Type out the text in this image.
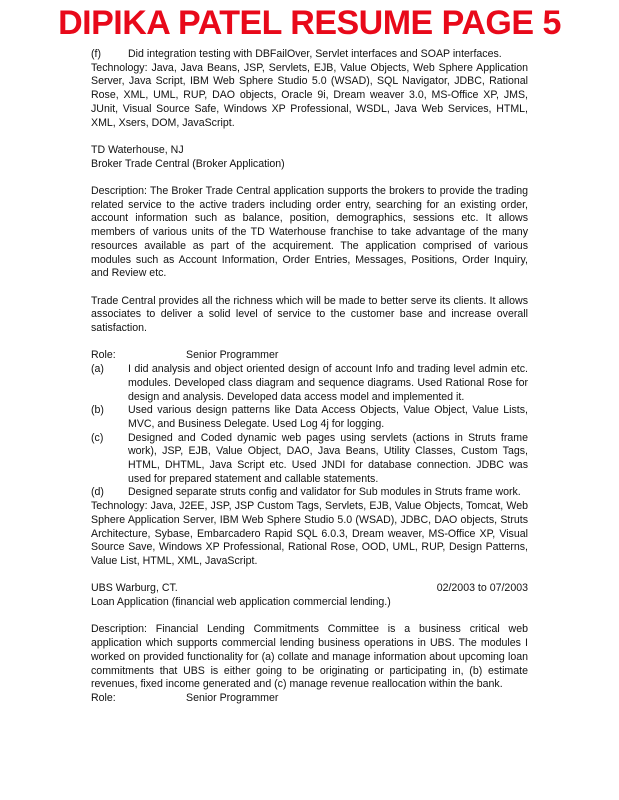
DIPIKA PATEL RESUME PAGE 5
(f)	Did integration testing with DBFailOver, Servlet interfaces and SOAP interfaces.

Technology: Java, Java Beans, JSP, Servlets, EJB, Value Objects, Web Sphere Application Server, Java Script, IBM Web Sphere Studio 5.0 (WSAD), SQL Navigator, JDBC, Rational Rose, XML, UML, RUP, DAO objects, Oracle 9i, Dream weaver 3.0, MS-Office XP, JMS, JUnit, Visual Source Safe, Windows XP Professional, WSDL, Java Web Services, HTML, XML, Xsers, DOM, JavaScript.

TD Waterhouse, NJ
Broker Trade Central (Broker Application)

Description: The Broker Trade Central application supports the brokers to provide the trading related service to the active traders including order entry, searching for an existing order, account information such as balance, position, demographics, sessions etc. It allows members of various units of the TD Waterhouse franchise to take advantage of the many resources available as part of the acquirement. The application comprised of various modules such as Account Information, Order Entries, Messages, Positions, Order Inquiry, and Review etc.

Trade Central provides all the richness which will be made to better serve its clients. It allows associates to deliver a solid level of service to the customer base and increase overall satisfaction.

Role:	Senior Programmer
(a)	I did analysis and object oriented design of account Info and trading level admin etc. modules. Developed class diagram and sequence diagrams. Used Rational Rose for design and analysis. Developed data access model and implemented it.
(b)	Used various design patterns like Data Access Objects, Value Object, Value Lists, MVC, and Business Delegate. Used Log 4j for logging.
(c)	Designed and Coded dynamic web pages using servlets (actions in Struts frame work), JSP, EJB, Value Object, DAO, Java Beans, Utility Classes, Custom Tags, HTML, DHTML, Java Script etc. Used JNDI for database connection. JDBC was used for prepared statement and callable statements.
(d)	Designed separate struts config and validator for Sub modules in Struts frame work.

Technology: Java, J2EE, JSP, JSP Custom Tags, Servlets, EJB, Value Objects, Tomcat, Web Sphere Application Server, IBM Web Sphere Studio 5.0 (WSAD), JDBC, DAO objects, Struts Architecture, Sybase, Embarcadero Rapid SQL 6.0.3, Dream weaver, MS-Office XP, Visual Source Save, Windows XP Professional, Rational Rose, OOD, UML, RUP, Design Patterns, Value List, HTML, XML, JavaScript.

UBS Warburg, CT.	02/2003 to 07/2003
Loan Application (financial web application commercial lending.)

Description: Financial Lending Commitments Committee is a business critical web application which supports commercial lending business operations in UBS. The modules I worked on provided functionality for (a) collate and manage information about upcoming loan commitments that UBS is either going to be originating or participating in, (b) estimate revenues, fixed income generated and (c) manage revenue reallocation within the bank.

Role:	Senior Programmer
